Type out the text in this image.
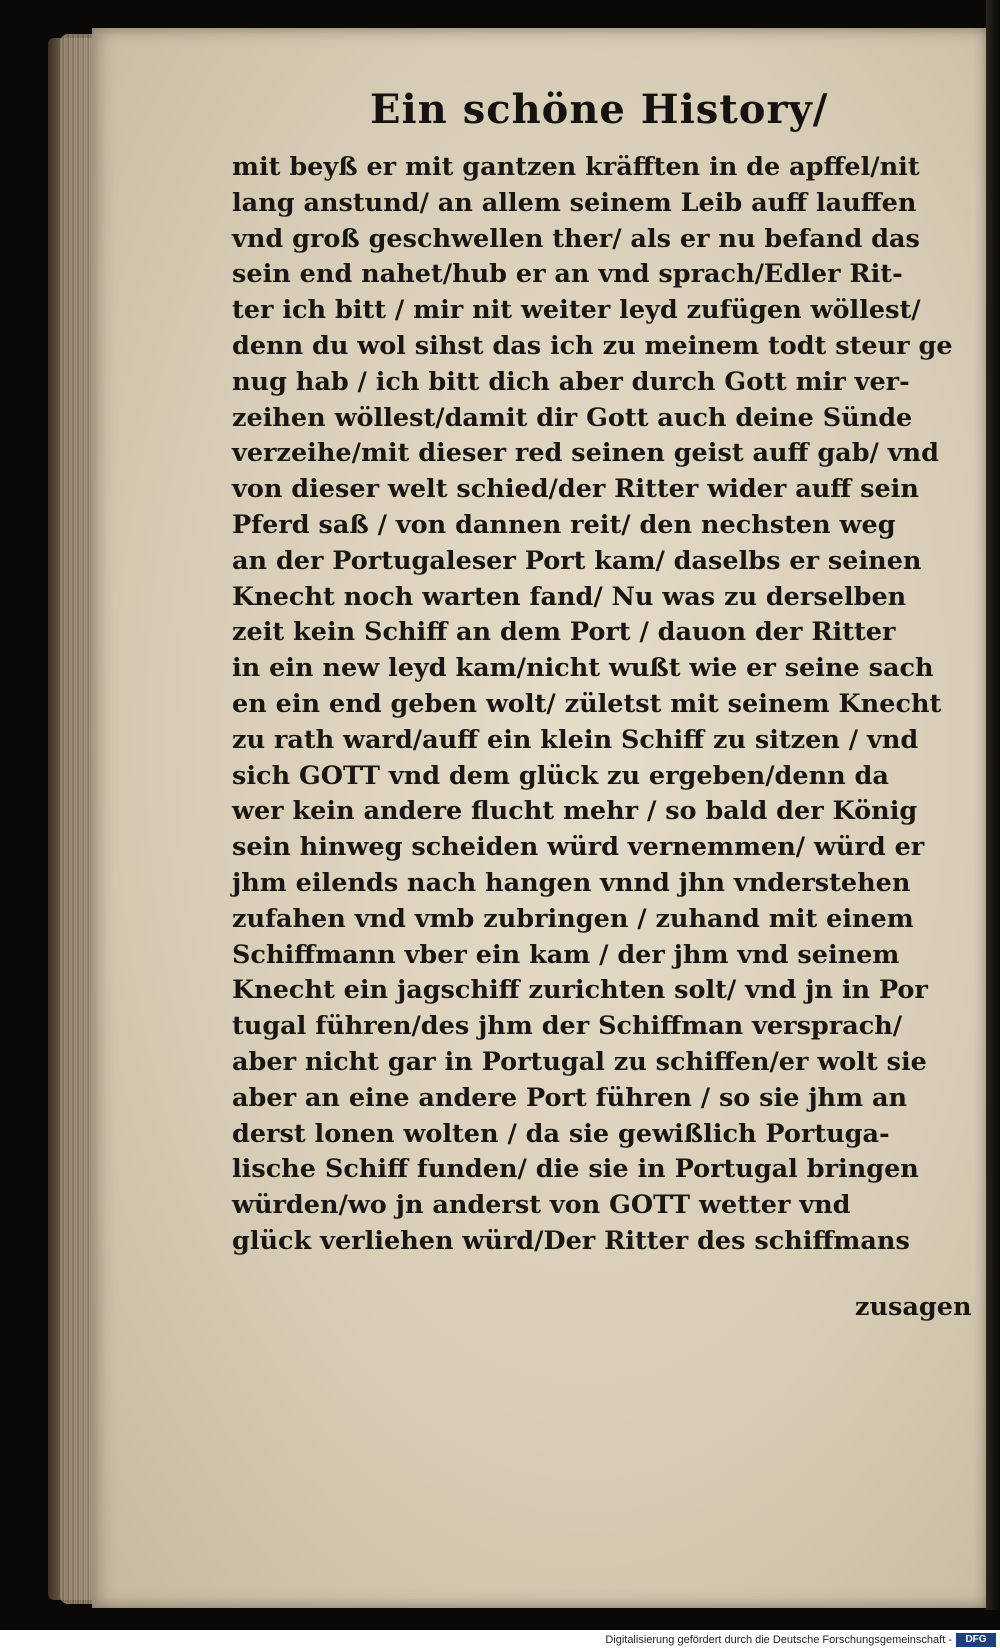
Ein schöne History/
mit beyß er mit gantzen kräfften in de apffel/nit
lang anstund/ an allem seinem Leib auff lauffen
vnd groß geschwellen ther/ als er nu befand das
sein end nahet/hub er an vnd sprach/Edler Rit-
ter ich bitt / mir nit weiter leyd zufügen wöllest/
denn du wol sihst das ich zu meinem todt steur ge
nug hab / ich bitt dich aber durch Gott mir ver-
zeihen wöllest/damit dir Gott auch deine Sünde
verzeihe/mit dieser red seinen geist auff gab/ vnd
von dieser welt schied/der Ritter wider auff sein
Pferd saß / von dannen reit/ den nechsten weg
an der Portugaleser Port kam/ daselbs er seinen
Knecht noch warten fand/ Nu was zu derselben
zeit kein Schiff an dem Port / dauon der Ritter
in ein new leyd kam/nicht wußt wie er seine sach
en ein end geben wolt/ zületst mit seinem Knecht
zu rath ward/auff ein klein Schiff zu sitzen / vnd
sich GOTT vnd dem glück zu ergeben/denn da
wer kein andere flucht mehr / so bald der König
sein hinweg scheiden würd vernemmen/ würd er
jhm eilends nach hangen vnnd jhn vnderstehen
zufahen vnd vmb zubringen / zuhand mit einem
Schiffmann vber ein kam / der jhm vnd seinem
Knecht ein jagschiff zurichten solt/ vnd jn in Por
tugal führen/des jhm der Schiffman versprach/
aber nicht gar in Portugal zu schiffen/er wolt sie
aber an eine andere Port führen / so sie jhm an
derst lonen wolten / da sie gewißlich Portuga-
lische Schiff funden/ die sie in Portugal bringen
würden/wo jn anderst von GOTT wetter vnd
glück verliehen würd/Der Ritter des schiffmans
zusagen
Digitalisierung gefördert durch die Deutsche Forschungsgemeinschaft -	DFG
